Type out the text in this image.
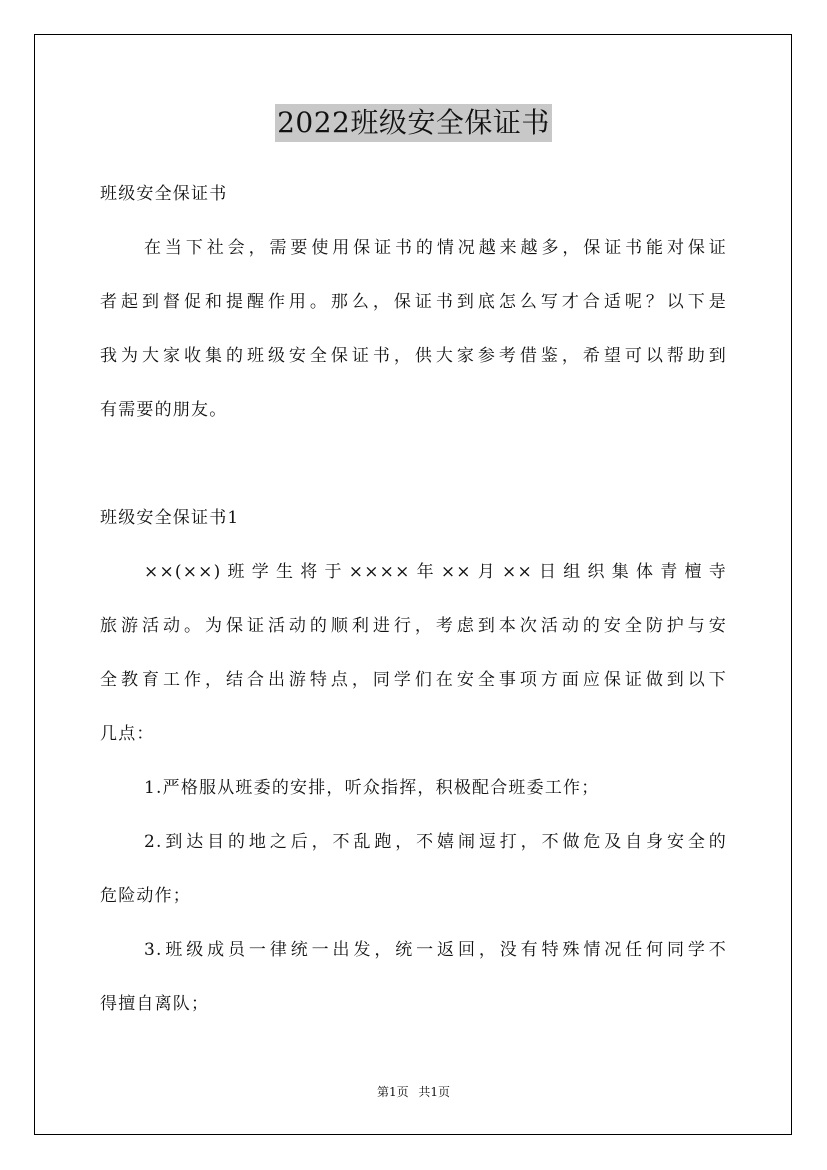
2022班级安全保证书
班级安全保证书
在当下社会，需要使用保证书的情况越来越多，保证书能对保证
者起到督促和提醒作用。那么，保证书到底怎么写才合适呢？以下是
我为大家收集的班级安全保证书，供大家参考借鉴，希望可以帮助到
有需要的朋友。
班级安全保证书1
××(××)班学生将于××××年××月××日组织集体青檀寺
旅游活动。为保证活动的顺利进行，考虑到本次活动的安全防护与安
全教育工作，结合出游特点，同学们在安全事项方面应保证做到以下
几点：
1.严格服从班委的安排，听众指挥，积极配合班委工作；
2.到达目的地之后，不乱跑，不嬉闹逗打，不做危及自身安全的
危险动作；
3.班级成员一律统一出发，统一返回，没有特殊情况任何同学不
得擅自离队；
第1页 共1页
